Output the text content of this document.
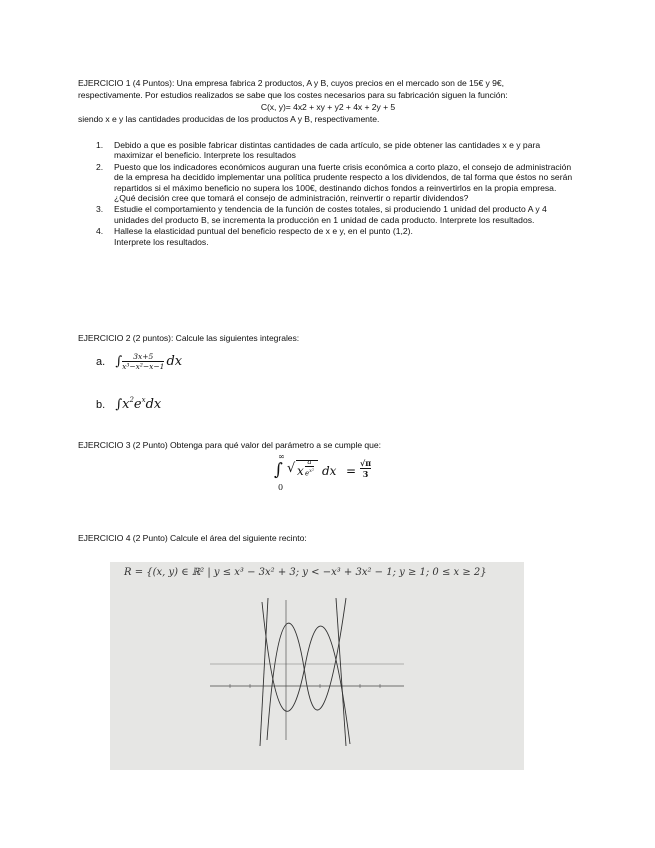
EJERCICIO 1 (4 Puntos): Una empresa fabrica 2 productos, A y B, cuyos precios en el mercado son de 15€ y 9€,
respectivamente. Por estudios realizados se sabe que los costes necesarios para su fabricación siguen la función:
C(x, y)= 4x2 + xy + y2 + 4x + 2y + 5
siendo x e y las cantidades producidas de los productos A y B, respectivamente.
1. Debido a que es posible fabricar distintas cantidades de cada artículo, se pide obtener las cantidades x e y para maximizar el beneficio. Interprete los resultados
2. Puesto que los indicadores económicos auguran una fuerte crisis económica a corto plazo, el consejo de administración de la empresa ha decidido implementar una política prudente respecto a los dividendos, de tal forma que éstos no serán repartidos si el máximo beneficio no supera los 100€, destinando dichos fondos a reinvertirlos en la propia empresa. ¿Qué decisión cree que tomará el consejo de administración, reinvertir o repartir dividendos?
3. Estudie el comportamiento y tendencia de la función de costes totales, si produciendo 1 unidad del producto A y 4 unidades del producto B, se incrementa la producción en 1 unidad de cada producto. Interprete los resultados.
4. Hallese la elasticidad puntual del beneficio respecto de x e y, en el punto (1,2).
Interprete los resultados.
EJERCICIO 2 (2 puntos): Calcule las siguientes integrales:
a. ∫ $\frac{3x+5}{\text{x³−x²−x−1}}$ dx
b. $\int x^2e^xdx$
EJERCICIO 3 (2 Punto) Obtenga para qué valor del parámetro a se cumple que:
∞
∫
0
√ x
a
$e^{x^2}$ dx =
√π
3
EJERCICIO 4 (2 Punto) Calcule el área del siguiente recinto:
R = {(x, y) ∈ ℝ² | y ≤ x³ − 3x² + 3; y < −x³ + 3x² − 1; y ≥ 1; 0 ≤ x ≥ 2}
